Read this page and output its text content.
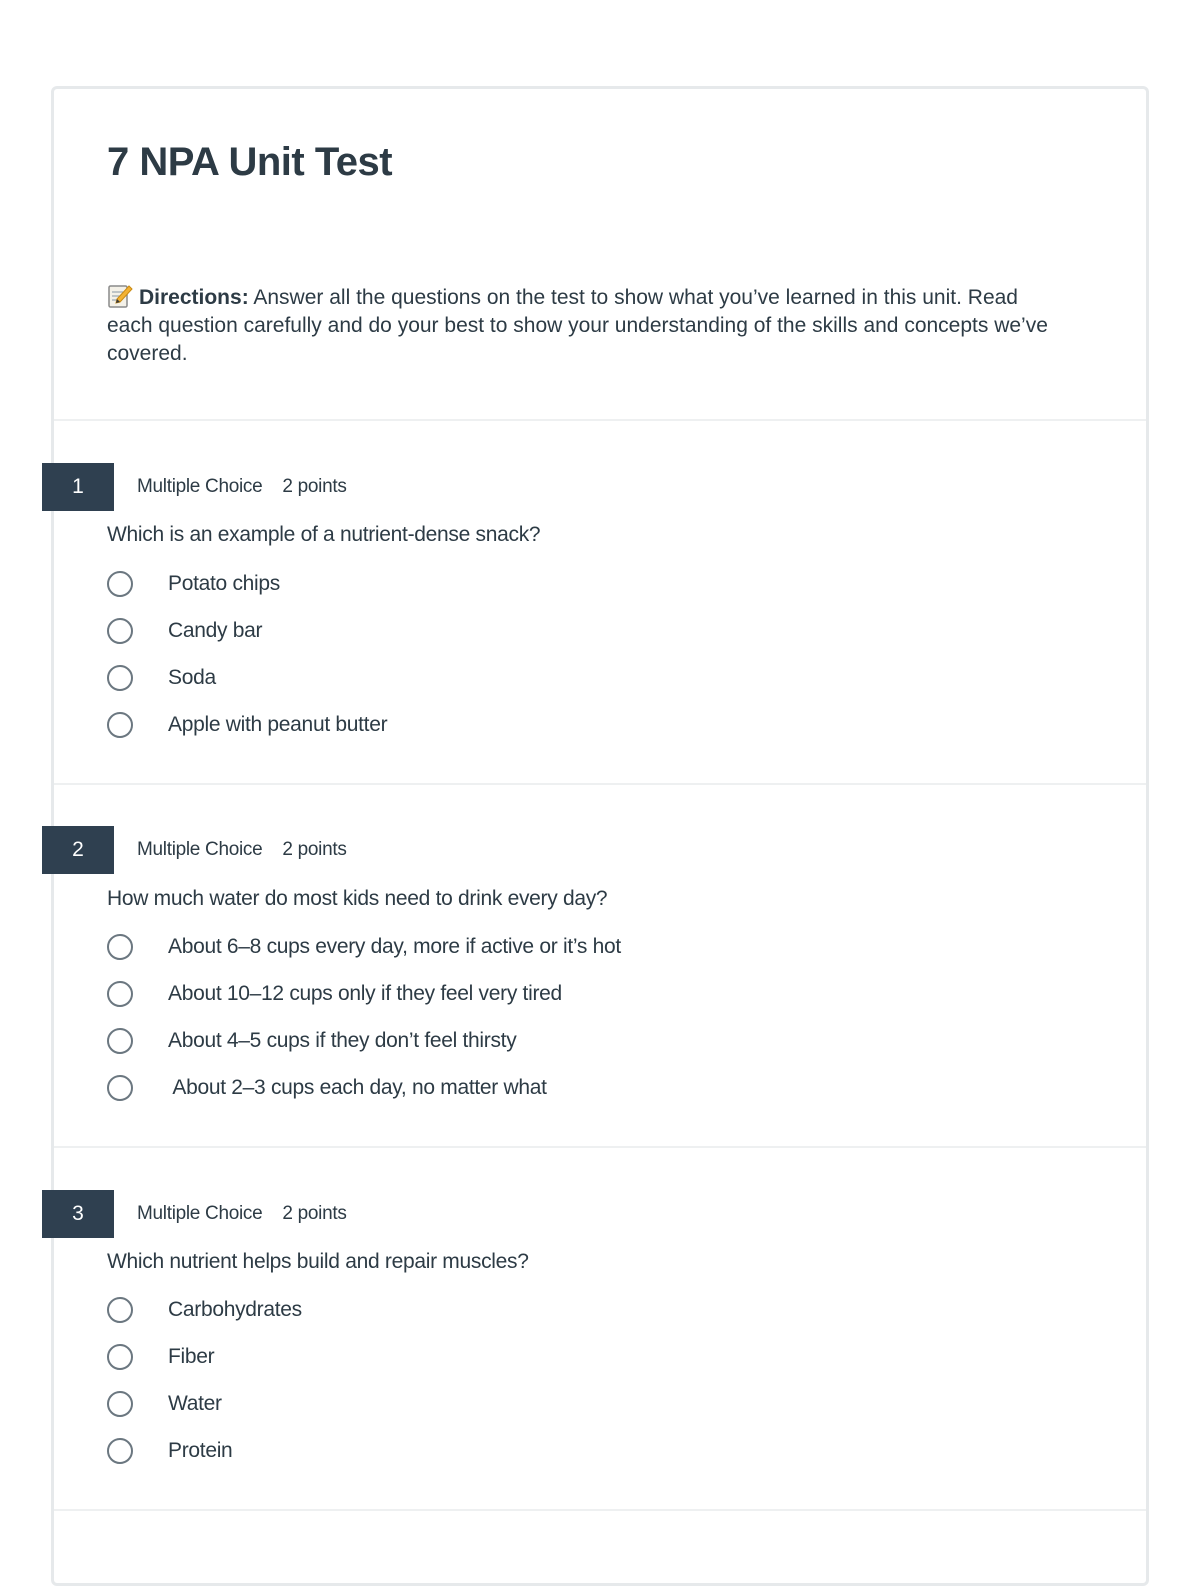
7 NPA Unit Test

Directions: Answer all the questions on the test to show what you’ve learned in this unit. Read each question carefully and do your best to show your understanding of the skills and concepts we’ve covered.

1	Multiple Choice 2 points
Which is an example of a nutrient-dense snack?
Potato chips
Candy bar
Soda
Apple with peanut butter
2	Multiple Choice 2 points
How much water do most kids need to drink every day?
About 6–8 cups every day, more if active or it’s hot
About 10–12 cups only if they feel very tired
About 4–5 cups if they don’t feel thirsty
About 2–3 cups each day, no matter what
3	Multiple Choice 2 points
Which nutrient helps build and repair muscles?
Carbohydrates
Fiber
Water
Protein
